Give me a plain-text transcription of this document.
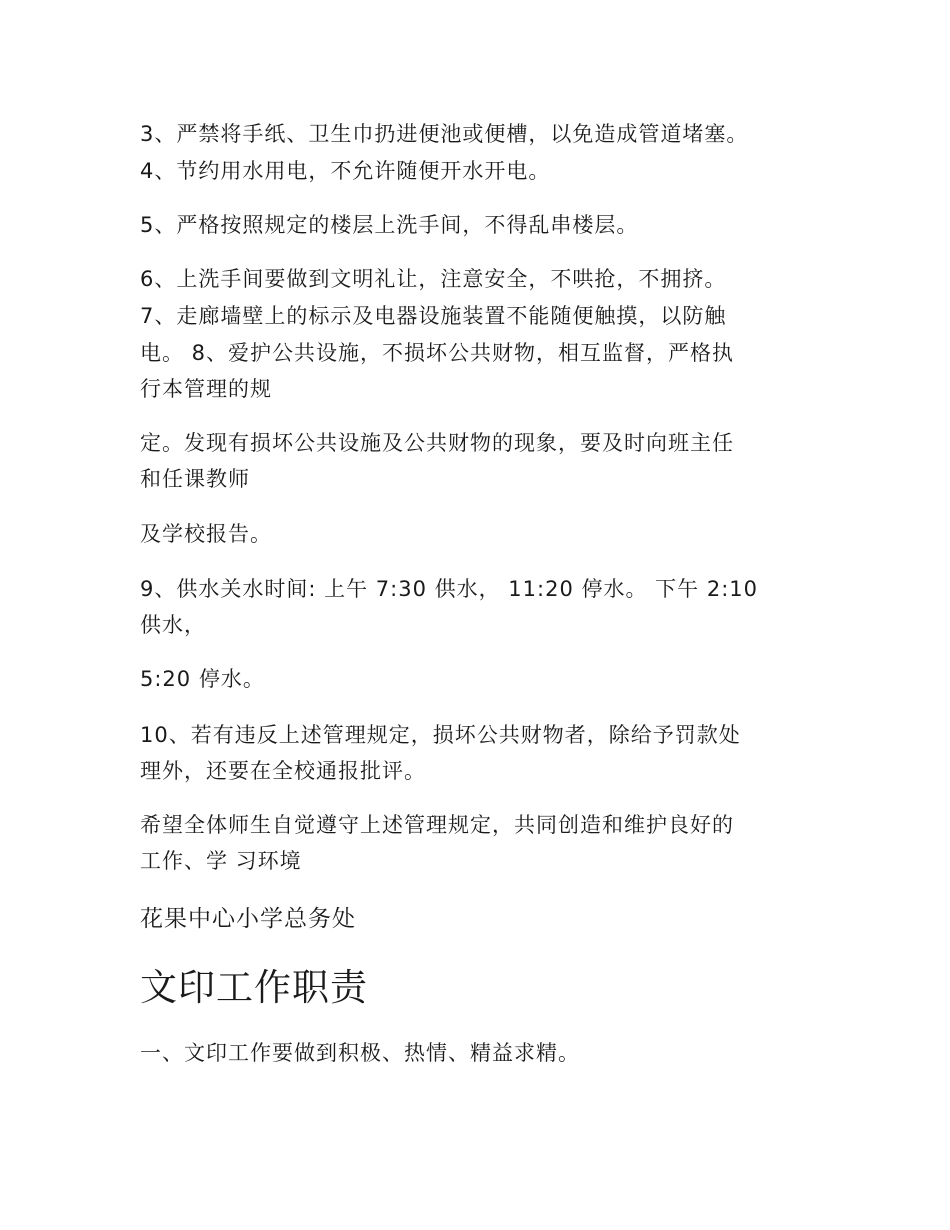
3、严禁将手纸、卫生巾扔进便池或便槽，以免造成管道堵塞。
4、节约用水用电，不允许随便开水开电。
5、严格按照规定的楼层上洗手间，不得乱串楼层。
6、上洗手间要做到文明礼让，注意安全，不哄抢，不拥挤。
7、走廊墙壁上的标示及电器设施装置不能随便触摸，以防触
电。 8、爱护公共设施，不损坏公共财物，相互监督，严格执
行本管理的规
定。发现有损坏公共设施及公共财物的现象，要及时向班主任
和任课教师
及学校报告。
9、供水关水时间: 上午 7:30 供水， 11:20 停水。 下午 2:10
供水，
5:20 停水。
10、若有违反上述管理规定，损坏公共财物者，除给予罚款处
理外，还要在全校通报批评。
希望全体师生自觉遵守上述管理规定，共同创造和维护良好的
工作、学 习环境
花果中心小学总务处
文印工作职责
一、文印工作要做到积极、热情、精益求精。
